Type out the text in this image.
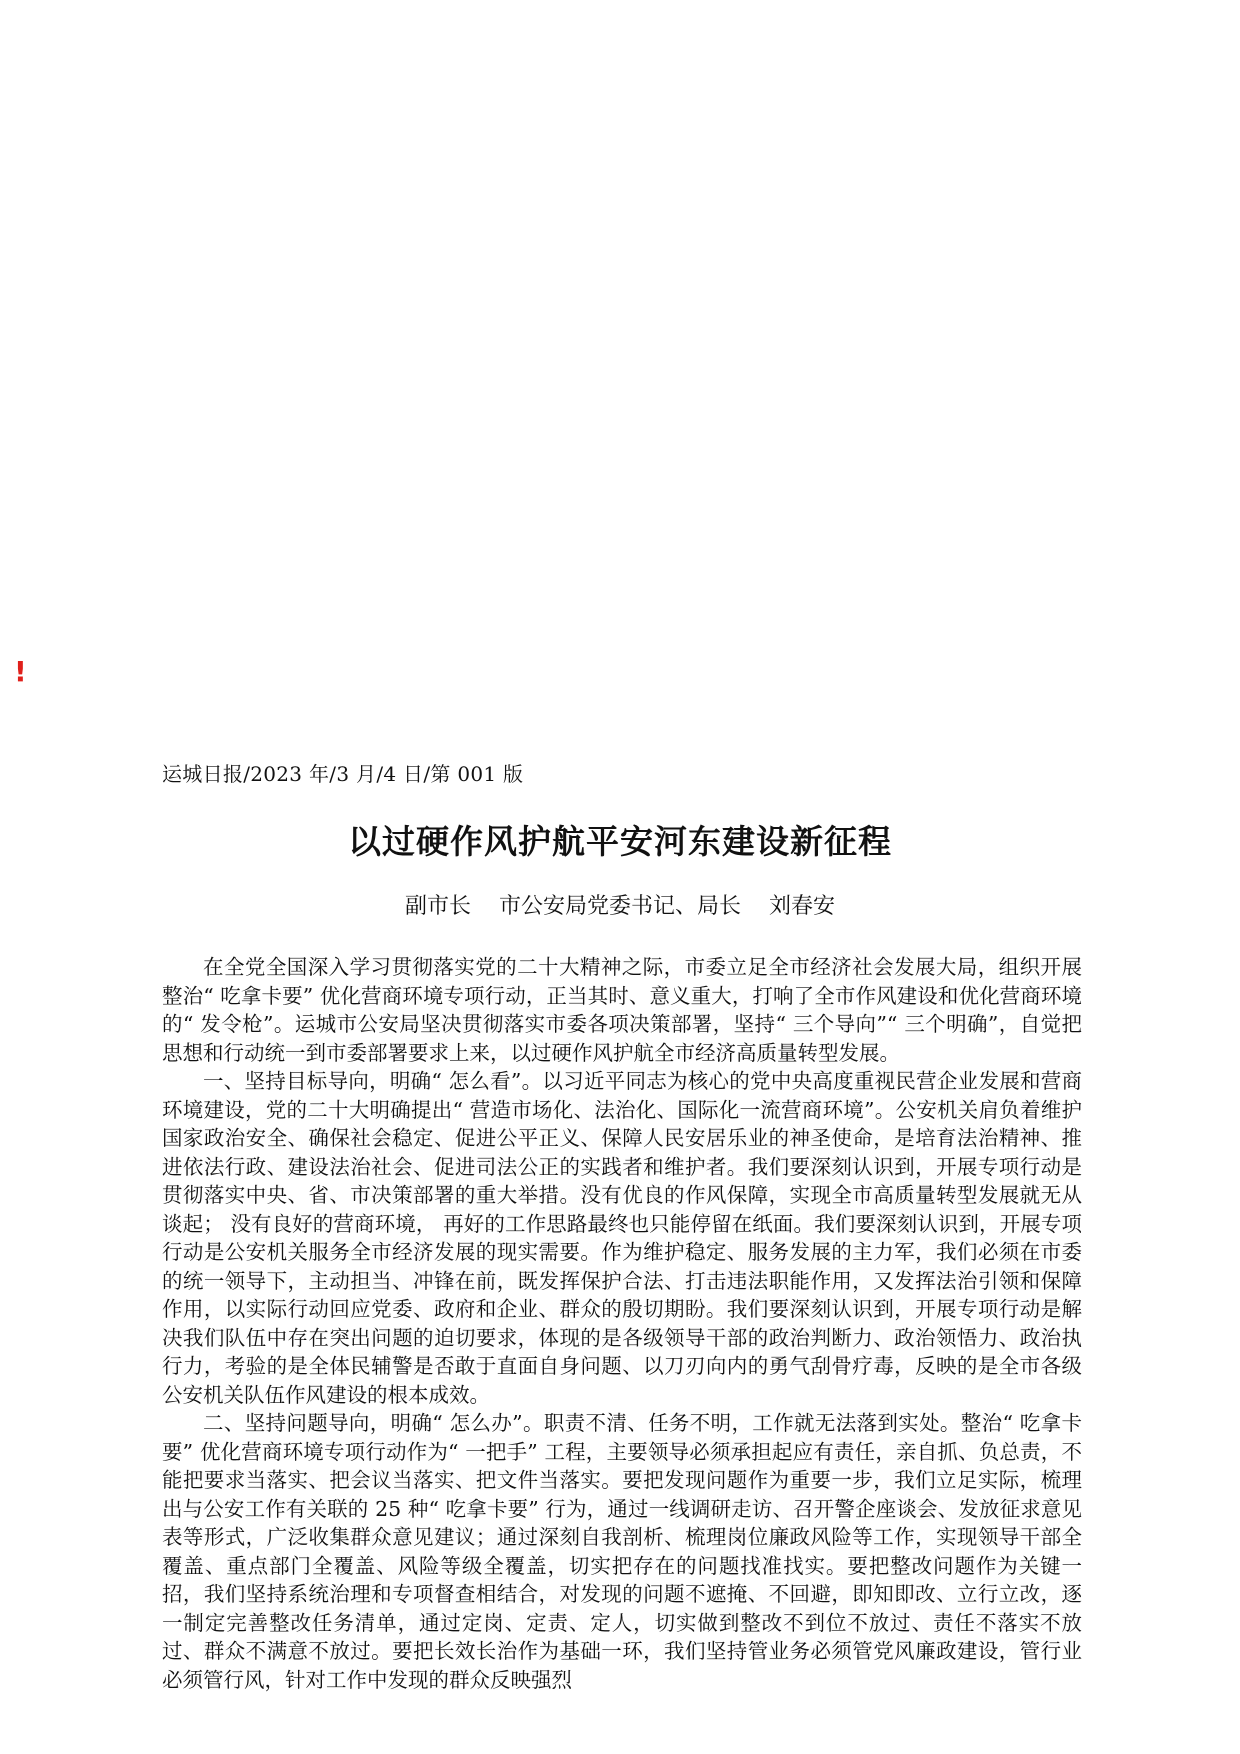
!
运城日报/2023 年/3 月/4 日/第 001 版
以过硬作风护航平安河东建设新征程
副市长    市公安局党委书记、局长    刘春安

在全党全国深入学习贯彻落实党的二十大精神之际，市委立足全市经济社会发展大局，组织开展整治“ 吃拿卡要” 优化营商环境专项行动，正当其时、意义重大，打响了全市作风建设和优化营商环境的“ 发令枪”。运城市公安局坚决贯彻落实市委各项决策部署，坚持“ 三个导向”“ 三个明确”，自觉把思想和行动统一到市委部署要求上来，以过硬作风护航全市经济高质量转型发展。

一、坚持目标导向，明确“ 怎么看”。以习近平同志为核心的党中央高度重视民营企业发展和营商环境建设，党的二十大明确提出“ 营造市场化、法治化、国际化一流营商环境”。公安机关肩负着维护国家政治安全、确保社会稳定、促进公平正义、保障人民安居乐业的神圣使命，是培育法治精神、推进依法行政、建设法治社会、促进司法公正的实践者和维护者。我们要深刻认识到，开展专项行动是贯彻落实中央、省、市决策部署的重大举措。没有优良的作风保障，实现全市高质量转型发展就无从谈起； 没有良好的营商环境， 再好的工作思路最终也只能停留在纸面。我们要深刻认识到，开展专项行动是公安机关服务全市经济发展的现实需要。作为维护稳定、服务发展的主力军，我们必须在市委的统一领导下，主动担当、冲锋在前，既发挥保护合法、打击违法职能作用，又发挥法治引领和保障作用，以实际行动回应党委、政府和企业、群众的殷切期盼。我们要深刻认识到，开展专项行动是解决我们队伍中存在突出问题的迫切要求，体现的是各级领导干部的政治判断力、政治领悟力、政治执行力，考验的是全体民辅警是否敢于直面自身问题、以刀刃向内的勇气刮骨疗毒，反映的是全市各级公安机关队伍作风建设的根本成效。

二、坚持问题导向，明确“ 怎么办”。职责不清、任务不明，工作就无法落到实处。整治“ 吃拿卡要” 优化营商环境专项行动作为“ 一把手” 工程，主要领导必须承担起应有责任，亲自抓、负总责，不能把要求当落实、把会议当落实、把文件当落实。要把发现问题作为重要一步，我们立足实际，梳理出与公安工作有关联的 25 种“ 吃拿卡要” 行为，通过一线调研走访、召开警企座谈会、发放征求意见表等形式，广泛收集群众意见建议；通过深刻自我剖析、梳理岗位廉政风险等工作，实现领导干部全覆盖、重点部门全覆盖、风险等级全覆盖，切实把存在的问题找准找实。要把整改问题作为关键一招，我们坚持系统治理和专项督查相结合，对发现的问题不遮掩、不回避，即知即改、立行立改，逐一制定完善整改任务清单，通过定岗、定责、定人，切实做到整改不到位不放过、责任不落实不放过、群众不满意不放过。要把长效长治作为基础一环，我们坚持管业务必须管党风廉政建设，管行业必须管行风，针对工作中发现的群众反映强烈
